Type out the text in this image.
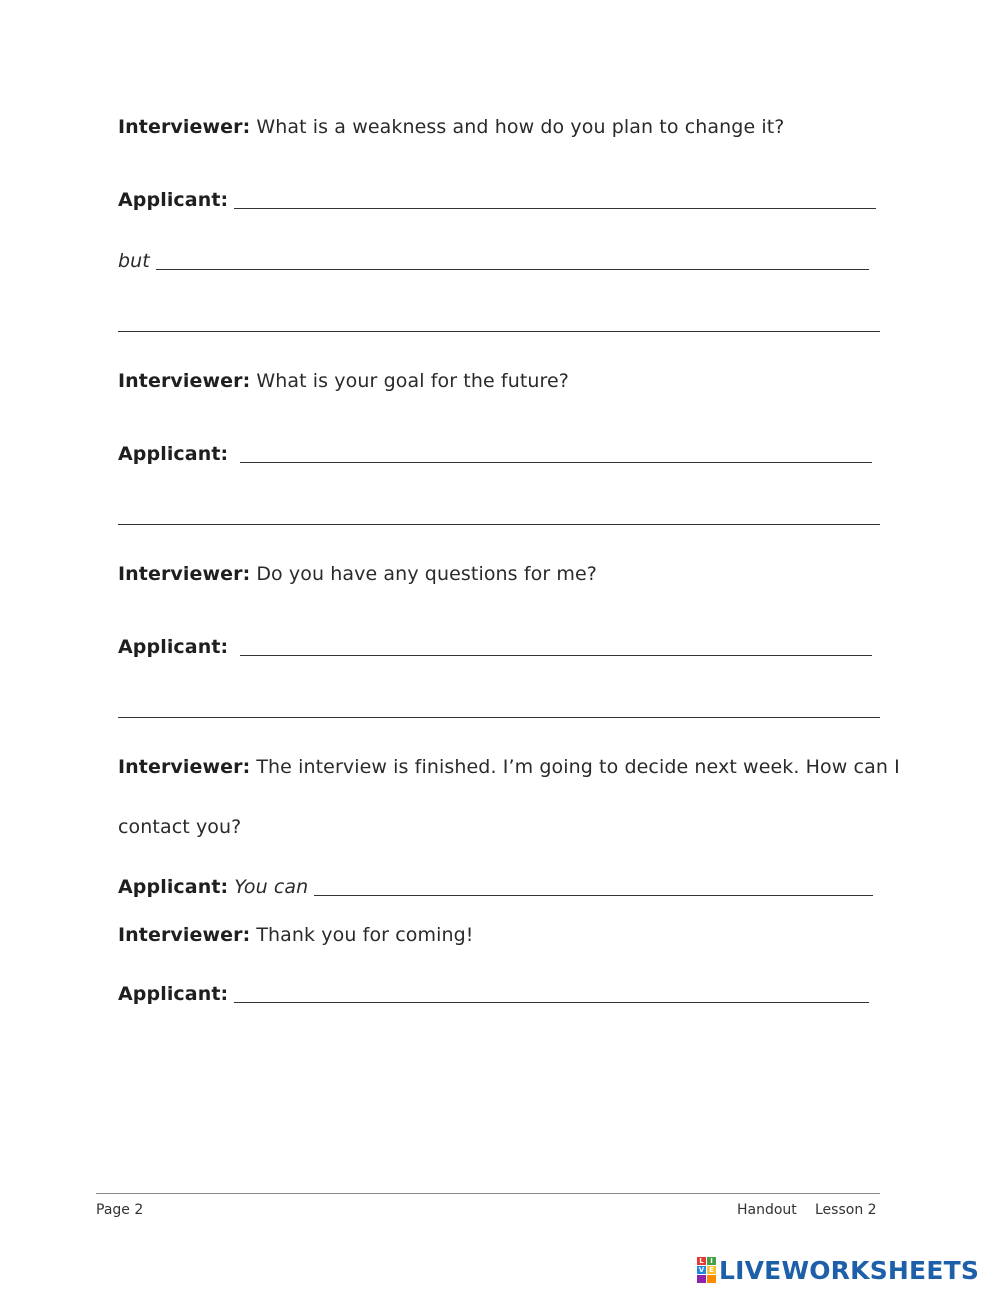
Interviewer: What is a weakness and how do you plan to change it?
Applicant:
but
Interviewer: What is your goal for the future?
Applicant:
Interviewer: Do you have any questions for me?
Applicant:
Interviewer: The interview is finished. I’m going to decide next week. How can I
contact you?
Applicant: You can
Interviewer: Thank you for coming!
Applicant:
Page 2	Handout Lesson 2
L I
V E LIVEWORKSHEETS
